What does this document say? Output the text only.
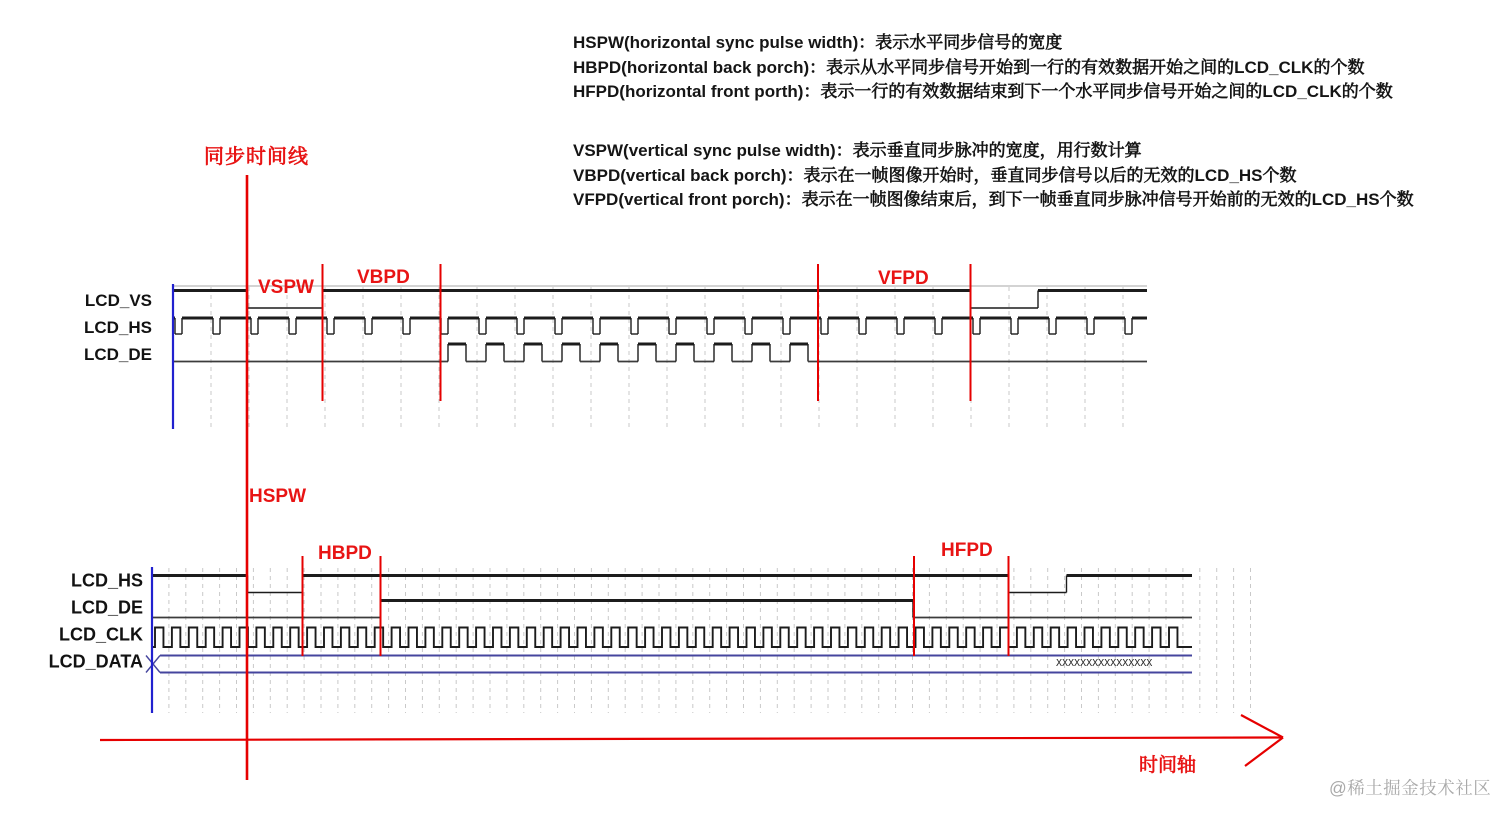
HSPW(horizontal sync pulse width)：表示水平同步信号的宽度
HBPD(horizontal back porch)：表示从水平同步信号开始到一行的有效数据开始之间的LCD_CLK的个数
HFPD(horizontal front porth)：表示一行的有效数据结束到下一个水平同步信号开始之间的LCD_CLK的个数
VSPW(vertical sync pulse width)：表示垂直同步脉冲的宽度，用行数计算
VBPD(vertical back porch)：表示在一帧图像开始时，垂直同步信号以后的无效的LCD_HS个数
VFPD(vertical front porch)：表示在一帧图像结束后，到下一帧垂直同步脉冲信号开始前的无效的LCD_HS个数
同步时间线
LCD_VS
LCD_HS
LCD_DE
VSPW VBPD	VFPD
LCD_HS
LCD_DE
LCD_CLK
LCD_DATA
HSPW
HBPD	HFPD
XXXXXXXXXXXXXXXX
时间轴
@稀土掘金技术社区
